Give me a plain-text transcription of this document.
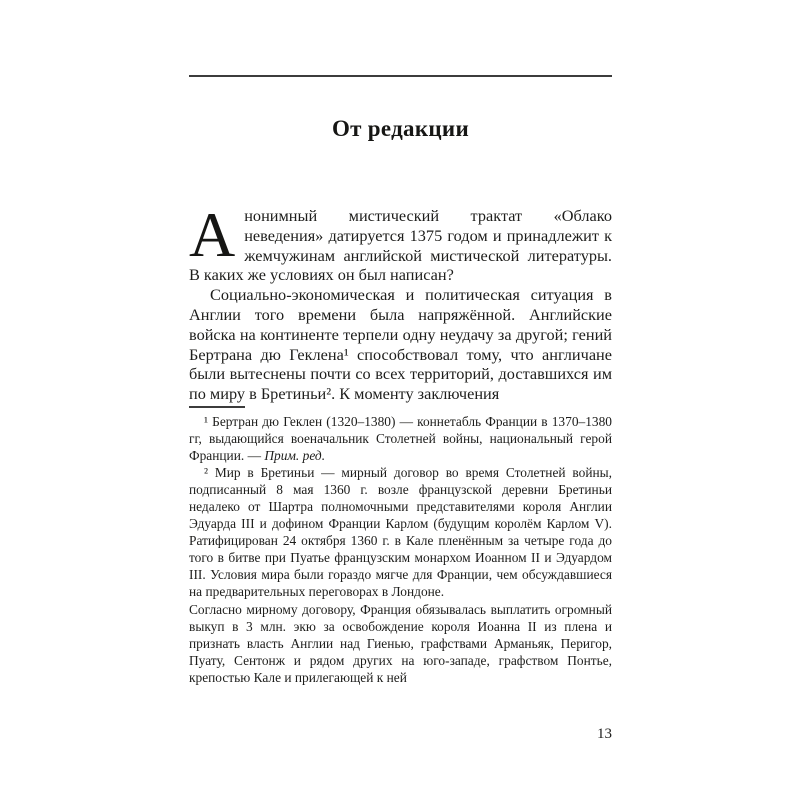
От редакции

Анонимный мистический трактат «Облако неведения» датируется 1375 годом и принадлежит к жемчужинам английской мистической литературы. В каких же условиях он был написан?

Социально-экономическая и политическая ситуация в Англии того времени была напряжённой. Английские войска на континенте терпели одну неудачу за другой; гений Бертрана дю Геклена¹ способствовал тому, что англичане были вытеснены почти со всех территорий, доставшихся им по миру в Бретиньи². К моменту заключения

¹ Бертран дю Геклен (1320–1380) — коннетабль Франции в 1370–1380 гг, выдающийся военачальник Столетней войны, национальный герой Франции. — Прим. ред.

² Мир в Бретиньи — мирный договор во время Столетней войны, подписанный 8 мая 1360 г. возле французской деревни Бретиньи недалеко от Шартра полномочными представителями короля Англии Эдуарда III и дофином Франции Карлом (будущим королём Карлом V). Ратифицирован 24 октября 1360 г. в Кале пленённым за четыре года до того в битве при Пуатье французским монархом Иоанном II и Эдуардом III. Условия мира были гораздо мягче для Франции, чем обсуждавшиеся на предварительных переговорах в Лондоне.

Согласно мирному договору, Франция обязывалась выплатить огромный выкуп в 3 млн. экю за освобождение короля Иоанна II из плена и признать власть Англии над Гиенью, графствами Арманьяк, Перигор, Пуату, Сентонж и рядом других на юго-западе, графством Понтье, крепостью Кале и прилегающей к ней

13
